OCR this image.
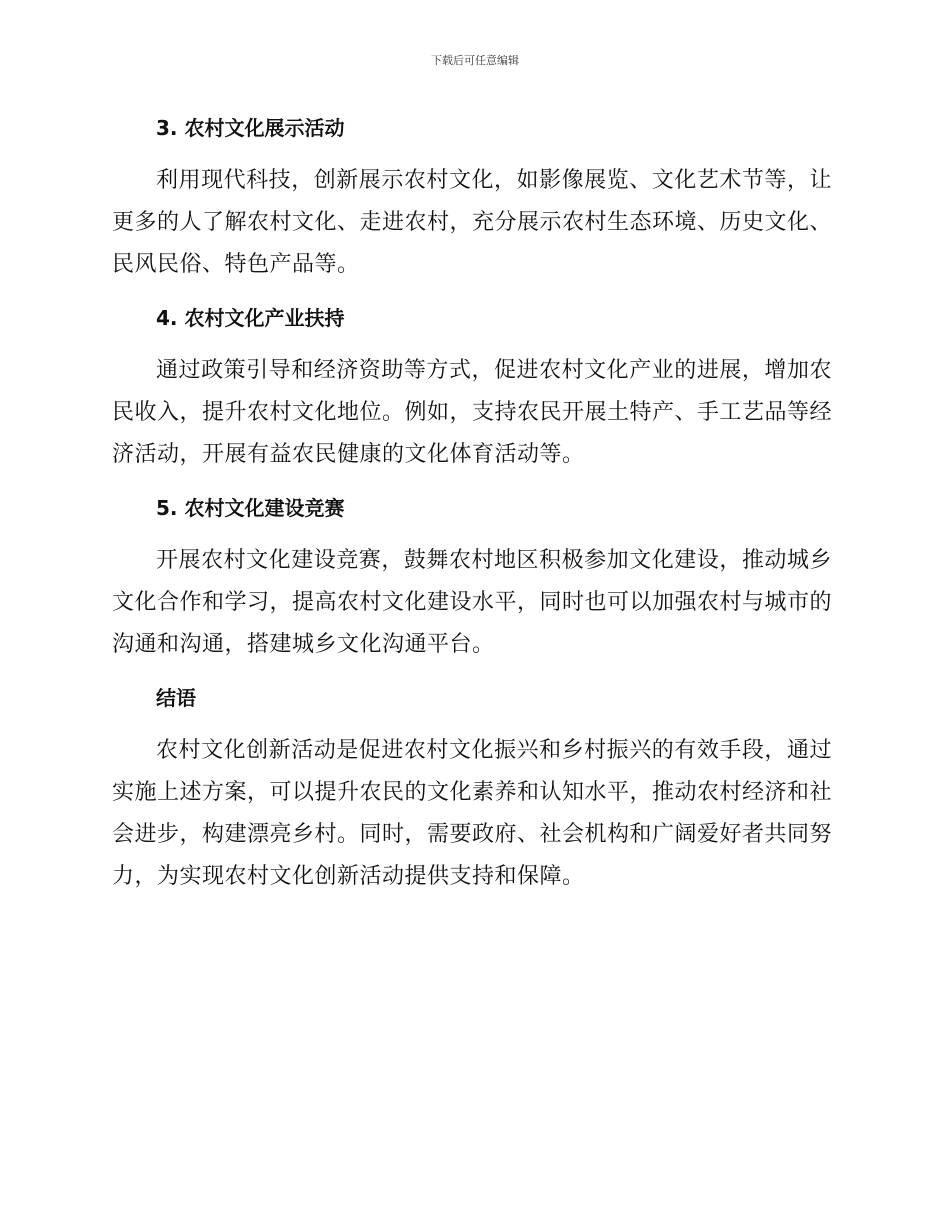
下载后可任意编辑
3. 农村文化展示活动

利用现代科技，创新展示农村文化，如影像展览、文化艺术节等，让更多的人了解农村文化、走进农村，充分展示农村生态环境、历史文化、民风民俗、特色产品等。

4. 农村文化产业扶持

通过政策引导和经济资助等方式，促进农村文化产业的进展，增加农民收入，提升农村文化地位。例如，支持农民开展土特产、手工艺品等经济活动，开展有益农民健康的文化体育活动等。

5. 农村文化建设竞赛

开展农村文化建设竞赛，鼓舞农村地区积极参加文化建设，推动城乡文化合作和学习，提高农村文化建设水平，同时也可以加强农村与城市的沟通和沟通，搭建城乡文化沟通平台。

结语

农村文化创新活动是促进农村文化振兴和乡村振兴的有效手段，通过实施上述方案，可以提升农民的文化素养和认知水平，推动农村经济和社会进步，构建漂亮乡村。同时，需要政府、社会机构和广阔爱好者共同努力，为实现农村文化创新活动提供支持和保障。
